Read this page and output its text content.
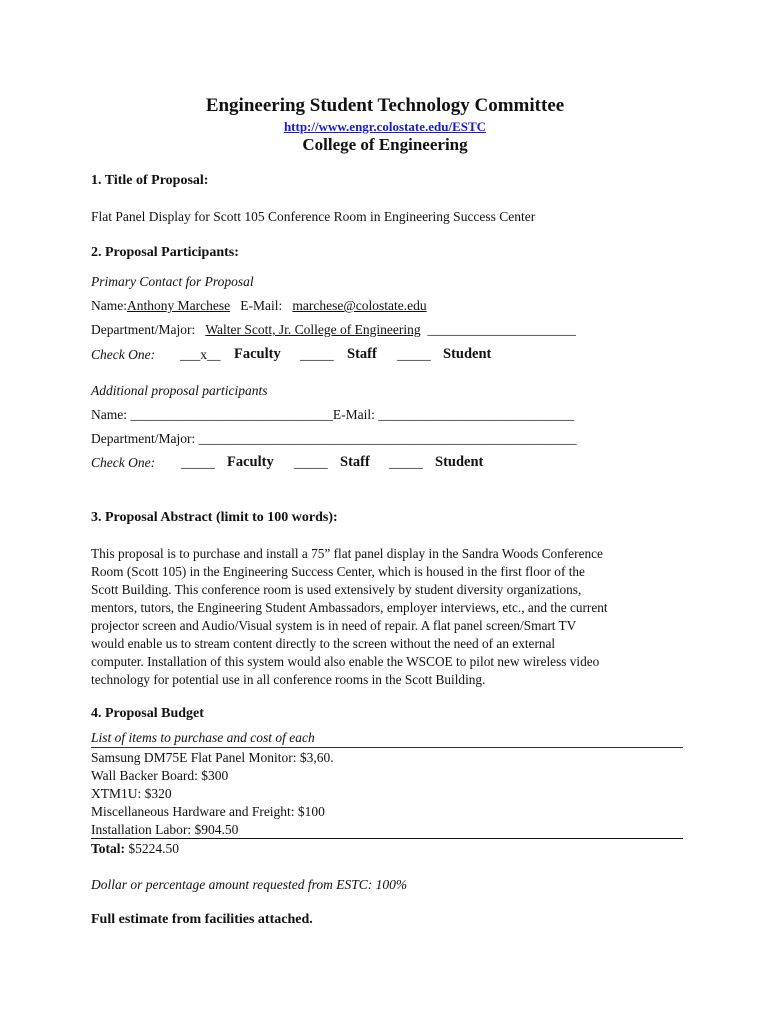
Engineering Student Technology Committee
http://www.engr.colostate.edu/ESTC
College of Engineering
1. Title of Proposal:
Flat Panel Display for Scott 105 Conference Room in Engineering Success Center
2. Proposal Participants:
Primary Contact for Proposal
Name:Anthony Marchese E-Mail: marchese@colostate.edu
Department/Major: Walter Scott, Jr. College of Engineering ______________________
Check One: ___x__ Faculty _____ Staff _____ Student
Additional proposal participants
Name: ______________________________E-Mail: _____________________________
Department/Major: ________________________________________________________
Check One: _____ Faculty _____ Staff _____ Student
3. Proposal Abstract (limit to 100 words):
This proposal is to purchase and install a 75” flat panel display in the Sandra Woods Conference
Room (Scott 105) in the Engineering Success Center, which is housed in the first floor of the
Scott Building. This conference room is used extensively by student diversity organizations,
mentors, tutors, the Engineering Student Ambassadors, employer interviews, etc., and the current
projector screen and Audio/Visual system is in need of repair. A flat panel screen/Smart TV
would enable us to stream content directly to the screen without the need of an external
computer. Installation of this system would also enable the WSCOE to pilot new wireless video
technology for potential use in all conference rooms in the Scott Building.
4. Proposal Budget
List of items to purchase and cost of each
Samsung DM75E Flat Panel Monitor: $3,60.
Wall Backer Board: $300
XTM1U: $320
Miscellaneous Hardware and Freight: $100
Installation Labor: $904.50
Total: $5224.50
Dollar or percentage amount requested from ESTC: 100%
Full estimate from facilities attached.
